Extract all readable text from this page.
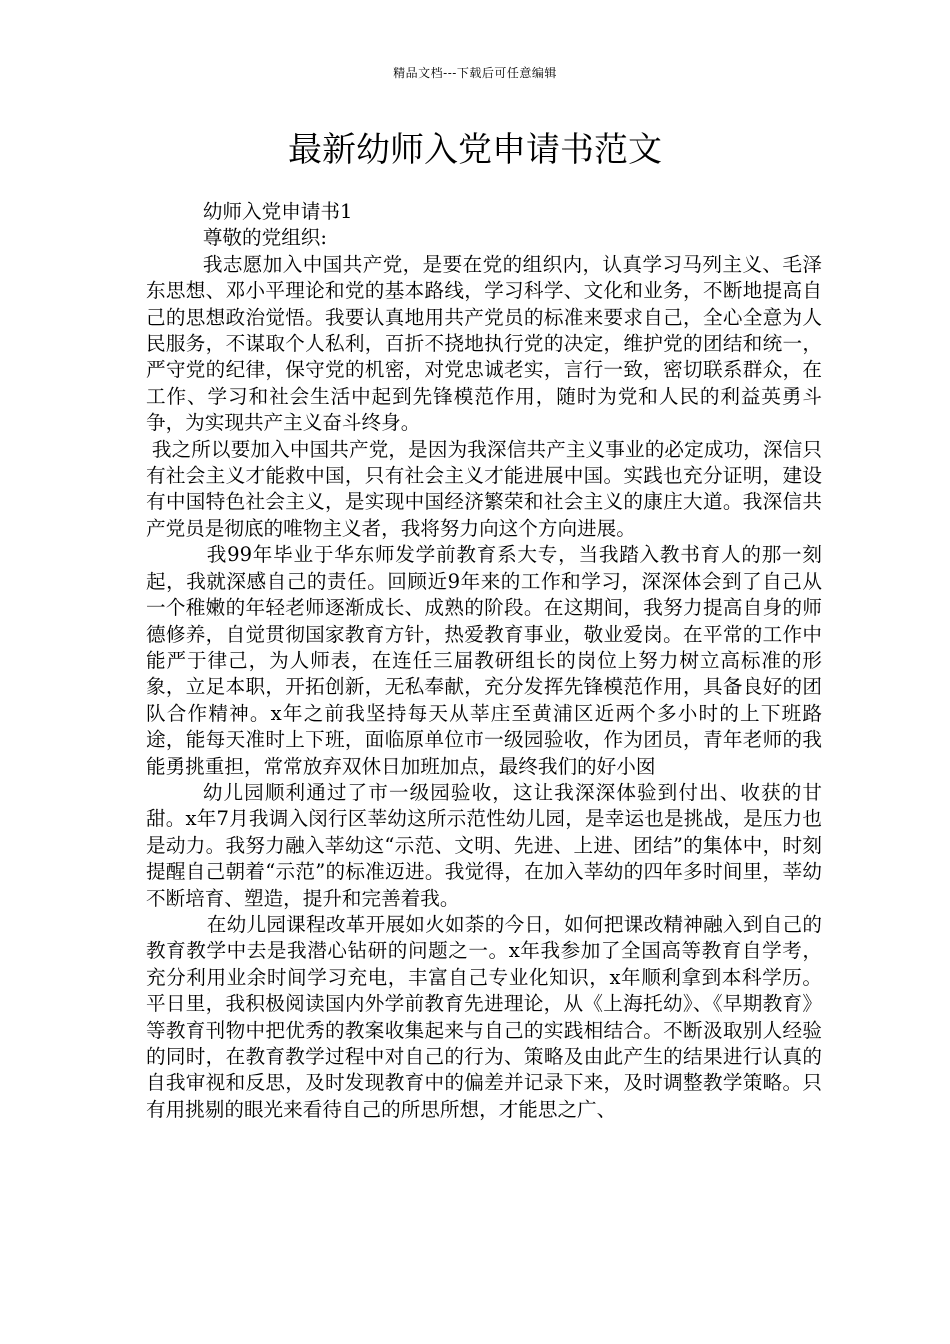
精品文档---下载后可任意编辑
最新幼师入党申请书范文

幼师入党申请书1

尊敬的党组织:

我志愿加入中国共产党，是要在党的组织内，认真学习马列主义、毛泽东思想、邓小平理论和党的基本路线，学习科学、文化和业务，不断地提高自己的思想政治觉悟。我要认真地用共产党员的标准来要求自己，全心全意为人民服务，不谋取个人私利，百折不挠地执行党的决定，维护党的团结和统一，严守党的纪律，保守党的机密，对党忠诚老实，言行一致，密切联系群众，在工作、学习和社会生活中起到先锋模范作用，随时为党和人民的利益英勇斗争，为实现共产主义奋斗终身。

我之所以要加入中国共产党，是因为我深信共产主义事业的必定成功，深信只有社会主义才能救中国，只有社会主义才能进展中国。实践也充分证明，建设有中国特色社会主义，是实现中国经济繁荣和社会主义的康庄大道。我深信共产党员是彻底的唯物主义者，我将努力向这个方向进展。

我99年毕业于华东师发学前教育系大专，当我踏入教书育人的那一刻起，我就深感自己的责任。回顾近9年来的工作和学习，深深体会到了自己从一个稚嫩的年轻老师逐渐成长、成熟的阶段。在这期间，我努力提高自身的师德修养，自觉贯彻国家教育方针，热爱教育事业，敬业爱岗。在平常的工作中能严于律己，为人师表，在连任三届教研组长的岗位上努力树立高标准的形象，立足本职，开拓创新，无私奉献，充分发挥先锋模范作用，具备良好的团队合作精神。x年之前我坚持每天从莘庄至黄浦区近两个多小时的上下班路途，能每天准时上下班，面临原单位市一级园验收，作为团员，青年老师的我能勇挑重担，常常放弃双休日加班加点，最终我们的好小囡

幼儿园顺利通过了市一级园验收，这让我深深体验到付出、收获的甘甜。x年7月我调入闵行区莘幼这所示范性幼儿园，是幸运也是挑战，是压力也是动力。我努力融入莘幼这“示范、文明、先进、上进、团结”的集体中，时刻提醒自己朝着“示范”的标准迈进。我觉得，在加入莘幼的四年多时间里，莘幼不断培育、塑造，提升和完善着我。

在幼儿园课程改革开展如火如荼的今日，如何把课改精神融入到自己的教育教学中去是我潜心钻研的问题之一。x年我参加了全国高等教育自学考，充分利用业余时间学习充电，丰富自己专业化知识，x年顺利拿到本科学历。平日里，我积极阅读国内外学前教育先进理论，从《上海托幼》、《早期教育》等教育刊物中把优秀的教案收集起来与自己的实践相结合。不断汲取别人经验的同时，在教育教学过程中对自己的行为、策略及由此产生的结果进行认真的自我审视和反思，及时发现教育中的偏差并记录下来，及时调整教学策略。只有用挑剔的眼光来看待自己的所思所想，才能思之广、
